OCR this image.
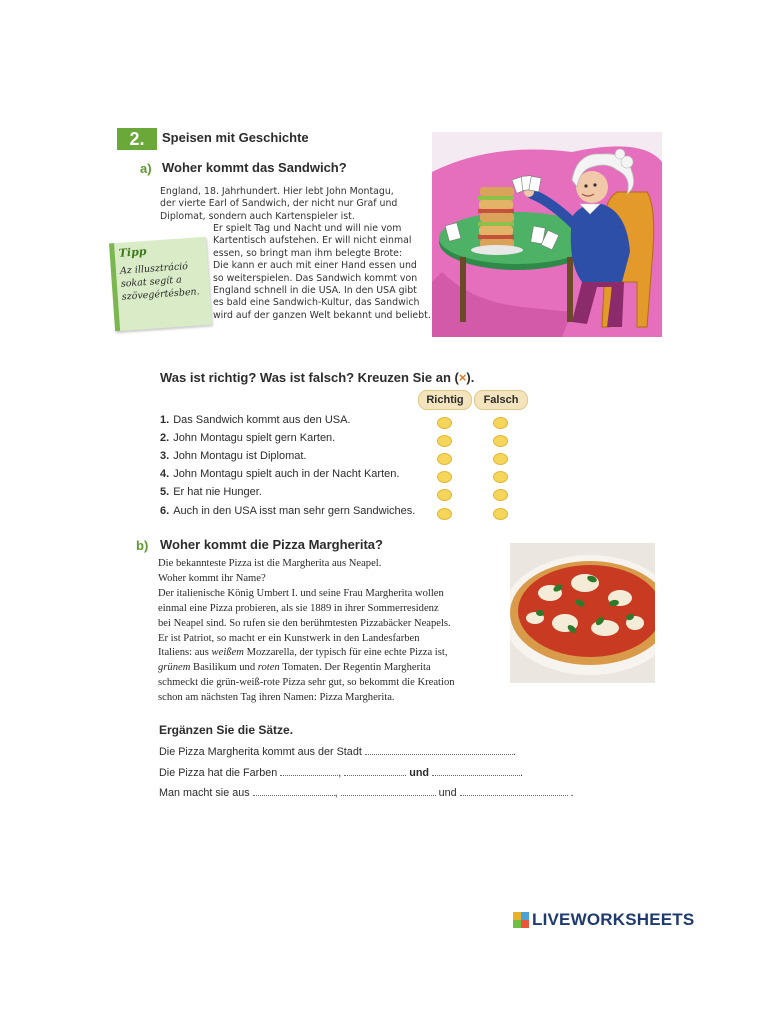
2.	Speisen mit Geschichte
a) Woher kommt das Sandwich?
England, 18. Jahrhundert. Hier lebt John Montagu,
der vierte Earl of Sandwich, der nicht nur Graf und
Diplomat, sondern auch Kartenspieler ist.
Er spielt Tag und Nacht und will nie vom
Kartentisch aufstehen. Er will nicht einmal
essen, so bringt man ihm belegte Brote:
Die kann er auch mit einer Hand essen und
so weiterspielen. Das Sandwich kommt von
England schnell in die USA. In den USA gibt
es bald eine Sandwich-Kultur, das Sandwich
wird auf der ganzen Welt bekannt und beliebt.
Tipp
Az illusztráció sokat segít a szövegértésben.
Was ist richtig? Was ist falsch? Kreuzen Sie an (×).
Richtig	Falsch
1. Das Sandwich kommt aus den USA.
2. John Montagu spielt gern Karten.
3. John Montagu ist Diplomat.
4. John Montagu spielt auch in der Nacht Karten.
5. Er hat nie Hunger.
6. Auch in den USA isst man sehr gern Sandwiches.
b) Woher kommt die Pizza Margherita?
Die bekannteste Pizza ist die Margherita aus Neapel.
Woher kommt ihr Name?
Der italienische König Umbert I. und seine Frau Margherita wollen
einmal eine Pizza probieren, als sie 1889 in ihrer Sommerresidenz
bei Neapel sind. So rufen sie den berühmtesten Pizzabäcker Neapels.
Er ist Patriot, so macht er ein Kunstwerk in den Landesfarben
Italiens: aus weißem Mozzarella, der typisch für eine echte Pizza ist,
grünem Basilikum und roten Tomaten. Der Regentin Margherita
schmeckt die grün-weiß-rote Pizza sehr gut, so bekommt die Kreation
schon am nächsten Tag ihren Namen: Pizza Margherita.
Ergänzen Sie die Sätze.
Die Pizza Margherita kommt aus der Stadt	.
Die Pizza hat die Farben	,	und	.
Man macht sie aus	,	und	.
LIVEWORKSHEETS
